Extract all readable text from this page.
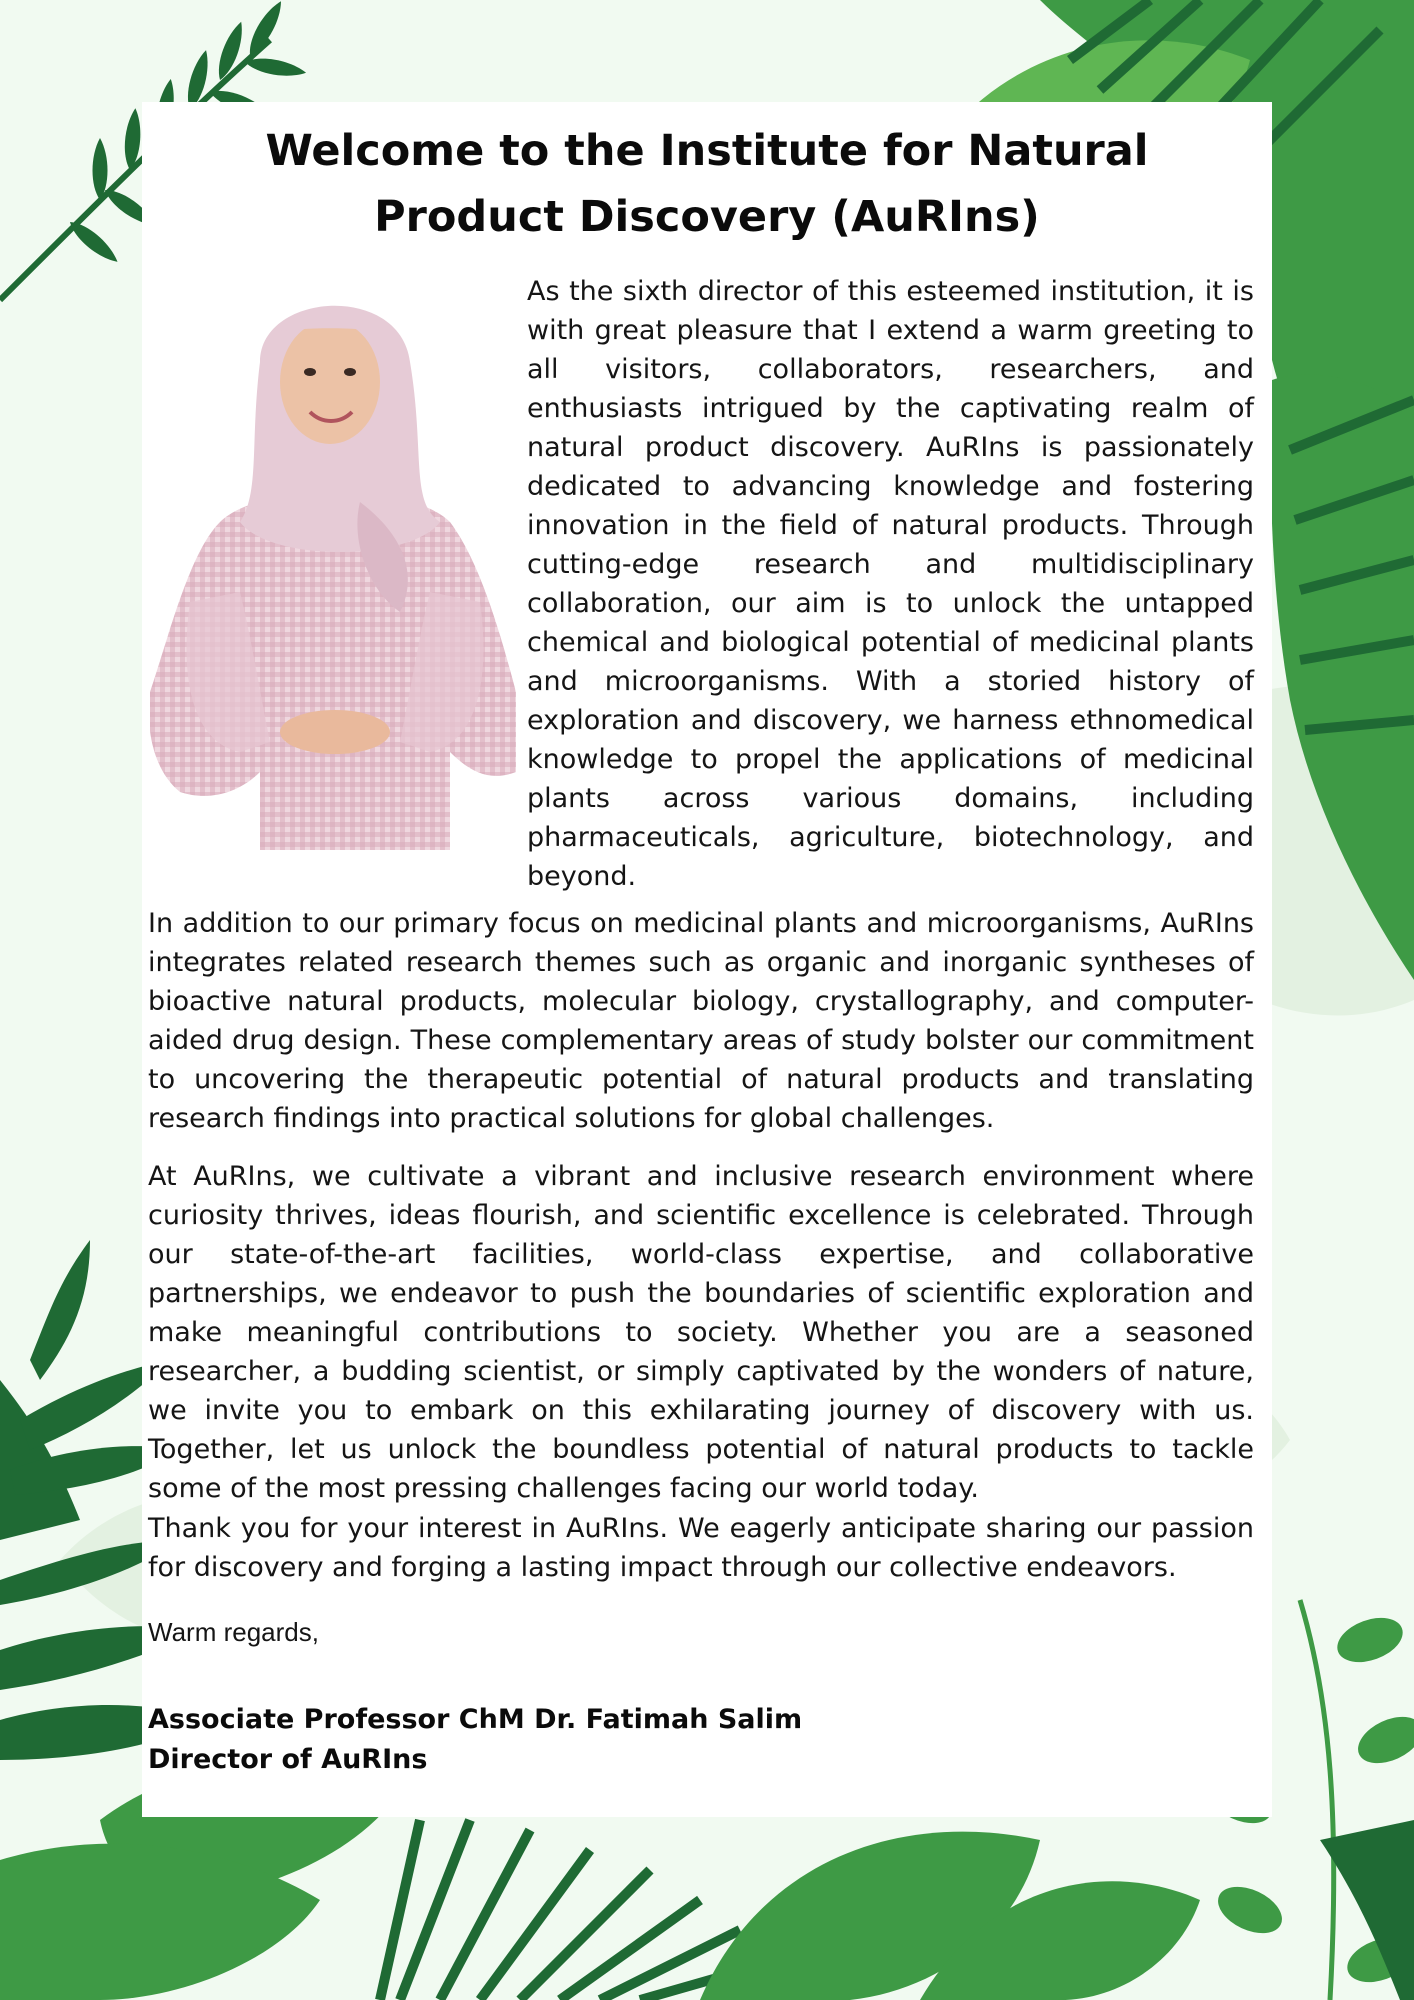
Welcome to the Institute for Natural
Product Discovery (AuRIns)

As the sixth director of this esteemed institution, it is with great pleasure that I extend a warm greeting to all visitors, collaborators, researchers, and enthusiasts intrigued by the captivating realm of natural product discovery. AuRIns is passionately dedicated to advancing knowledge and fostering innovation in the field of natural products. Through cutting-edge research and multidisciplinary collaboration, our aim is to unlock the untapped chemical and biological potential of medicinal plants and microorganisms. With a storied history of exploration and discovery, we harness ethnomedical knowledge to propel the applications of medicinal plants across various domains, including pharmaceuticals, agriculture, biotechnology, and beyond.

In addition to our primary focus on medicinal plants and microorganisms, AuRIns integrates related research themes such as organic and inorganic syntheses of bioactive natural products, molecular biology, crystallography, and computer-aided drug design. These complementary areas of study bolster our commitment to uncovering the therapeutic potential of natural products and translating research findings into practical solutions for global challenges.

At AuRIns, we cultivate a vibrant and inclusive research environment where curiosity thrives, ideas flourish, and scientific excellence is celebrated. Through our state-of-the-art facilities, world-class expertise, and collaborative partnerships, we endeavor to push the boundaries of scientific exploration and make meaningful contributions to society. Whether you are a seasoned researcher, a budding scientist, or simply captivated by the wonders of nature, we invite you to embark on this exhilarating journey of discovery with us. Together, let us unlock the boundless potential of natural products to tackle some of the most pressing challenges facing our world today.

Thank you for your interest in AuRIns. We eagerly anticipate sharing our passion for discovery and forging a lasting impact through our collective endeavors.

Warm regards,

Associate Professor ChM Dr. Fatimah Salim
Director of AuRIns
